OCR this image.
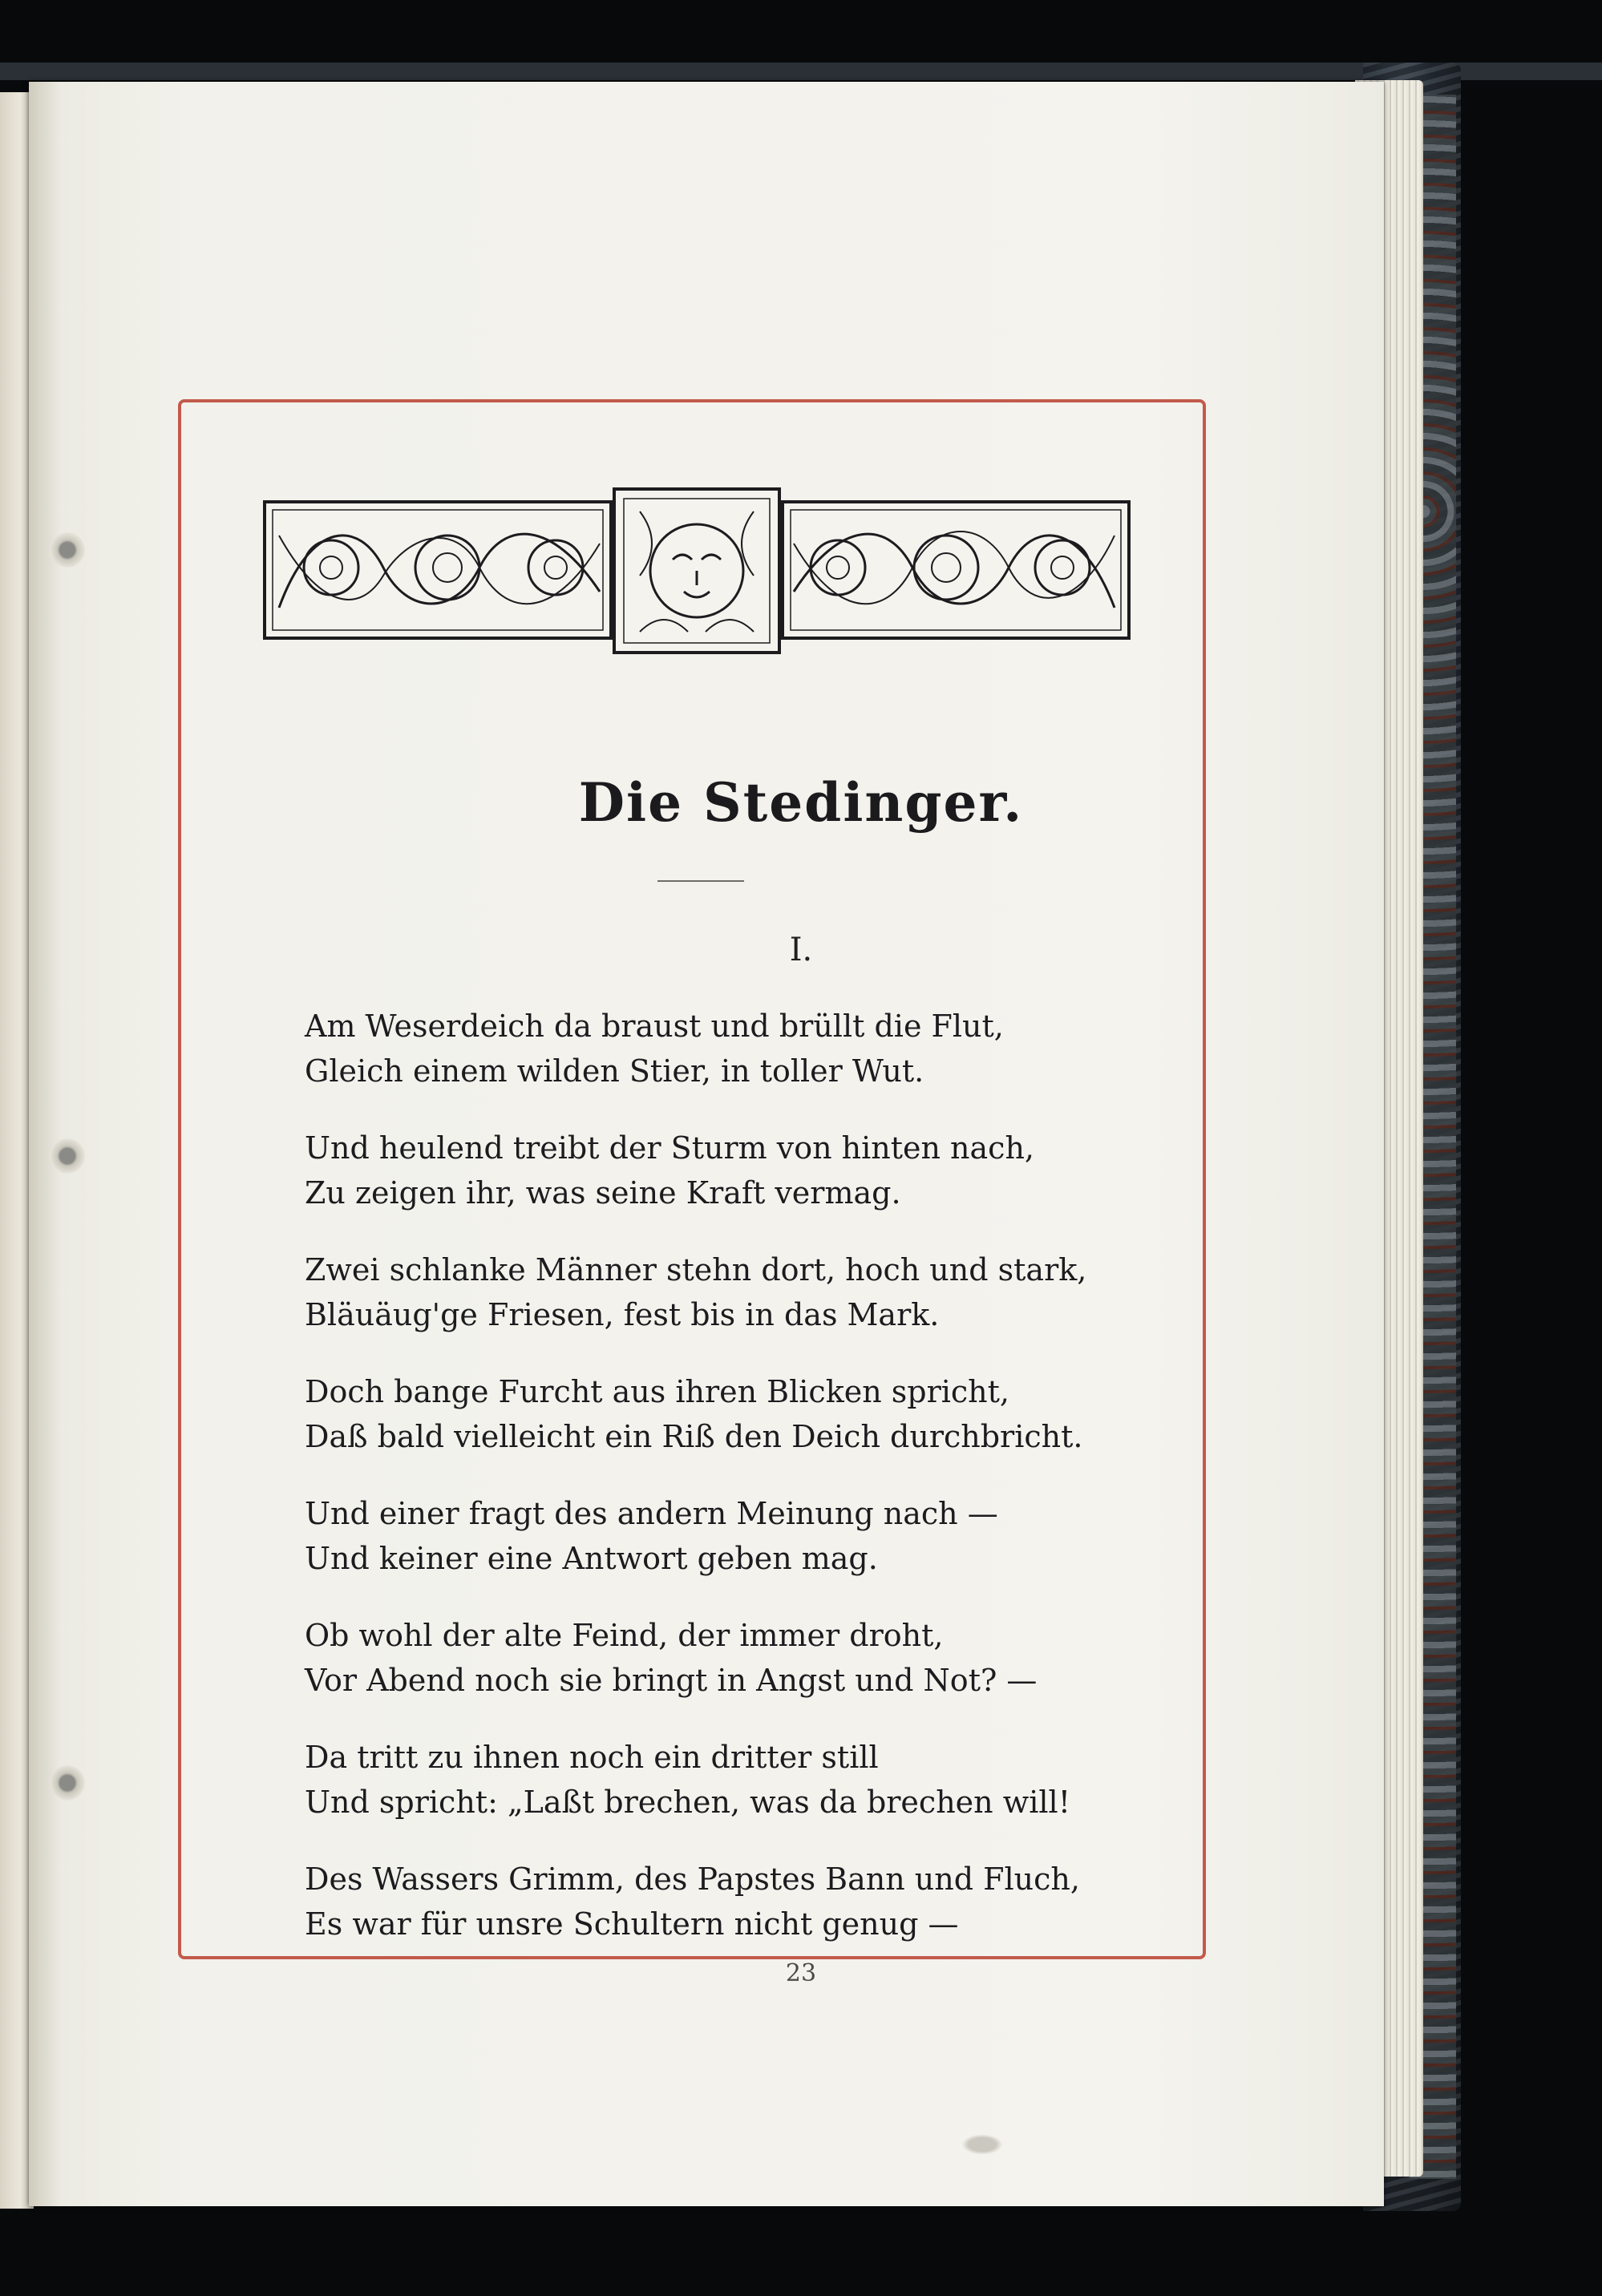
Die Stedinger.
I.
Am Weserdeich da braust und brüllt die Flut,
Gleich einem wilden Stier, in toller Wut.
Und heulend treibt der Sturm von hinten nach,
Zu zeigen ihr, was seine Kraft vermag.
Zwei schlanke Männer stehn dort, hoch und stark,
Bläuäug'ge Friesen, fest bis in das Mark.
Doch bange Furcht aus ihren Blicken spricht,
Daß bald vielleicht ein Riß den Deich durchbricht.
Und einer fragt des andern Meinung nach —
Und keiner eine Antwort geben mag.
Ob wohl der alte Feind, der immer droht,
Vor Abend noch sie bringt in Angst und Not? —
Da tritt zu ihnen noch ein dritter still
Und spricht: „Laßt brechen, was da brechen will!
Des Wassers Grimm, des Papstes Bann und Fluch,
Es war für unsre Schultern nicht genug —
23
